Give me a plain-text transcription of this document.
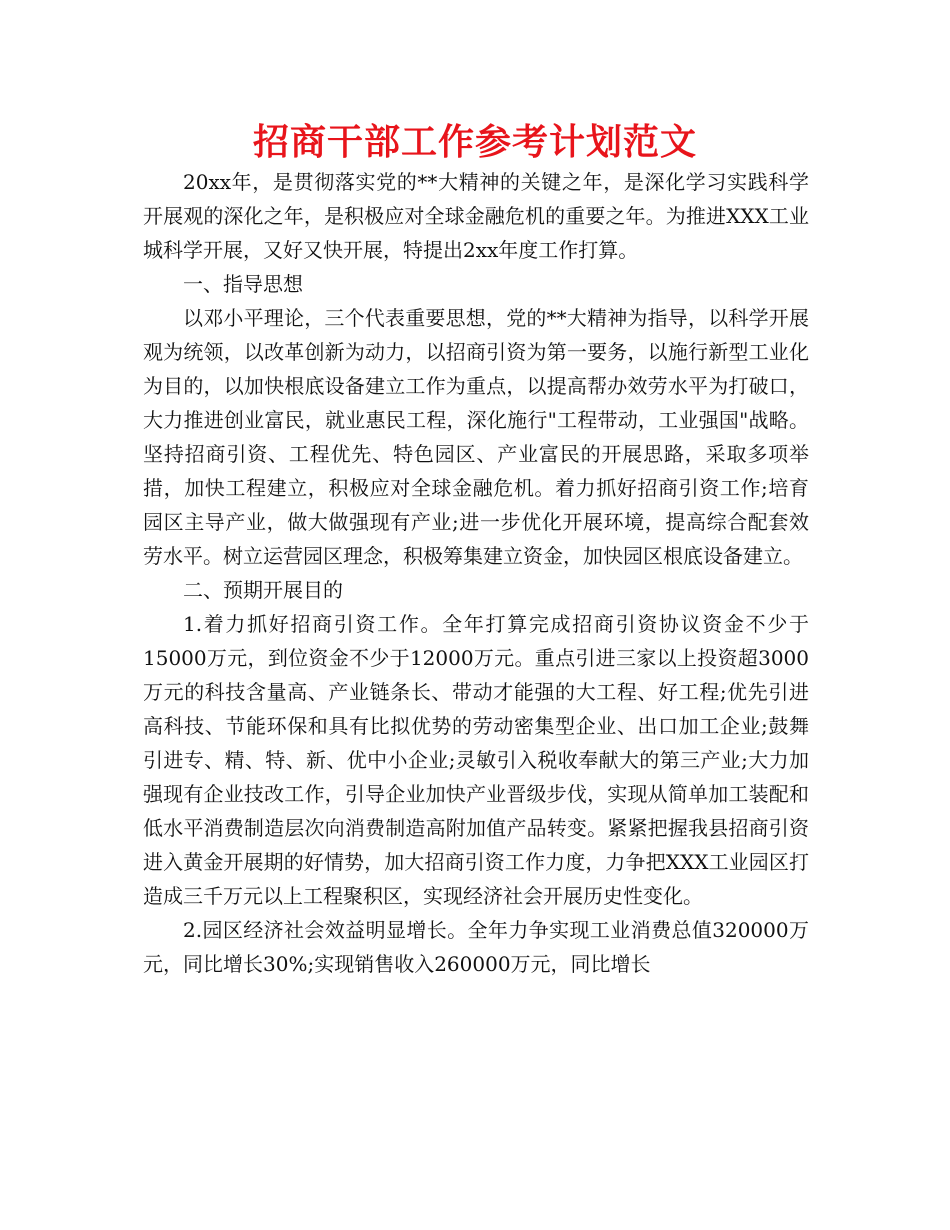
招商干部工作参考计划范文

20xx年，是贯彻落实党的**大精神的关键之年，是深化学习实践科学开展观的深化之年，是积极应对全球金融危机的重要之年。为推进XXX工业城科学开展，又好又快开展，特提出2xx年度工作打算。

一、指导思想

以邓小平理论，三个代表重要思想，党的**大精神为指导，以科学开展观为统领，以改革创新为动力，以招商引资为第一要务，以施行新型工业化为目的，以加快根底设备建立工作为重点，以提高帮办效劳水平为打破口，大力推进创业富民，就业惠民工程，深化施行"工程带动，工业强国"战略。坚持招商引资、工程优先、特色园区、产业富民的开展思路，采取多项举措，加快工程建立，积极应对全球金融危机。着力抓好招商引资工作;培育园区主导产业，做大做强现有产业;进一步优化开展环境，提高综合配套效劳水平。树立运营园区理念，积极筹集建立资金，加快园区根底设备建立。

二、预期开展目的

1.着力抓好招商引资工作。全年打算完成招商引资协议资金不少于15000万元，到位资金不少于12000万元。重点引进三家以上投资超3000万元的科技含量高、产业链条长、带动才能强的大工程、好工程;优先引进高科技、节能环保和具有比拟优势的劳动密集型企业、出口加工企业;鼓舞引进专、精、特、新、优中小企业;灵敏引入税收奉献大的第三产业;大力加强现有企业技改工作，引导企业加快产业晋级步伐，实现从简单加工装配和低水平消费制造层次向消费制造高附加值产品转变。紧紧把握我县招商引资进入黄金开展期的好情势，加大招商引资工作力度，力争把XXX工业园区打造成三千万元以上工程聚积区，实现经济社会开展历史性变化。

2.园区经济社会效益明显增长。全年力争实现工业消费总值320000万元，同比增长30%;实现销售收入260000万元，同比增长
